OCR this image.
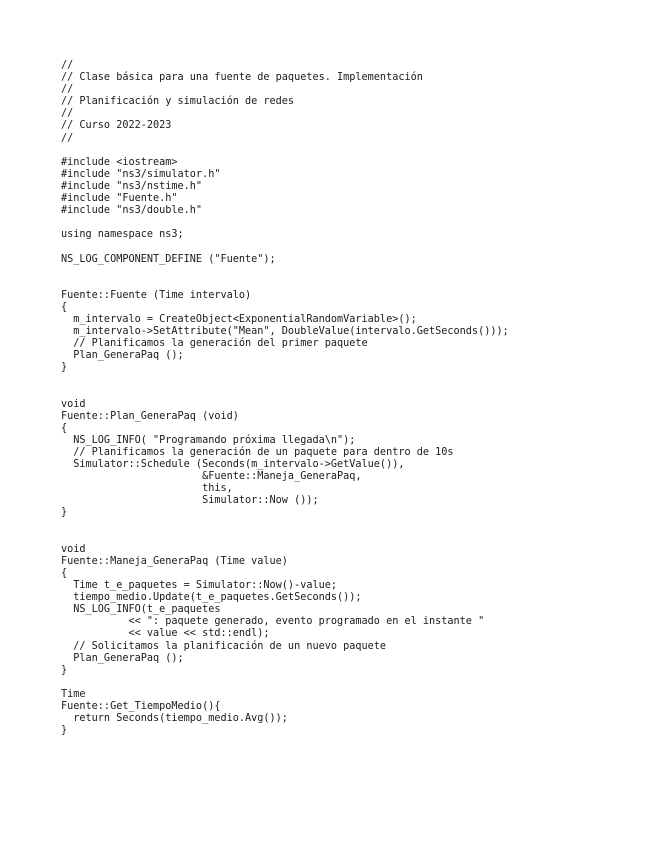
//
// Clase básica para una fuente de paquetes. Implementación
//
// Planificación y simulación de redes
//
// Curso 2022-2023
//
#include <iostream>
#include "ns3/simulator.h"
#include "ns3/nstime.h"
#include "Fuente.h"
#include "ns3/double.h"
using namespace ns3;
NS_LOG_COMPONENT_DEFINE ("Fuente");
Fuente::Fuente (Time intervalo)
{
m_intervalo = CreateObject<ExponentialRandomVariable>();
m_intervalo->SetAttribute("Mean", DoubleValue(intervalo.GetSeconds()));
// Planificamos la generación del primer paquete
Plan_GeneraPaq ();
}
void
Fuente::Plan_GeneraPaq (void)
{
NS_LOG_INFO( "Programando próxima llegada\n");
// Planificamos la generación de un paquete para dentro de 10s
Simulator::Schedule (Seconds(m_intervalo->GetValue()),
&Fuente::Maneja_GeneraPaq,
this,
Simulator::Now ());
}
void
Fuente::Maneja_GeneraPaq (Time value)
{
Time t_e_paquetes = Simulator::Now()-value;
tiempo_medio.Update(t_e_paquetes.GetSeconds());
NS_LOG_INFO(t_e_paquetes
<< ": paquete generado, evento programado en el instante "
<< value << std::endl);
// Solicitamos la planificación de un nuevo paquete
Plan_GeneraPaq ();
}
Time
Fuente::Get_TiempoMedio(){
return Seconds(tiempo_medio.Avg());
}
